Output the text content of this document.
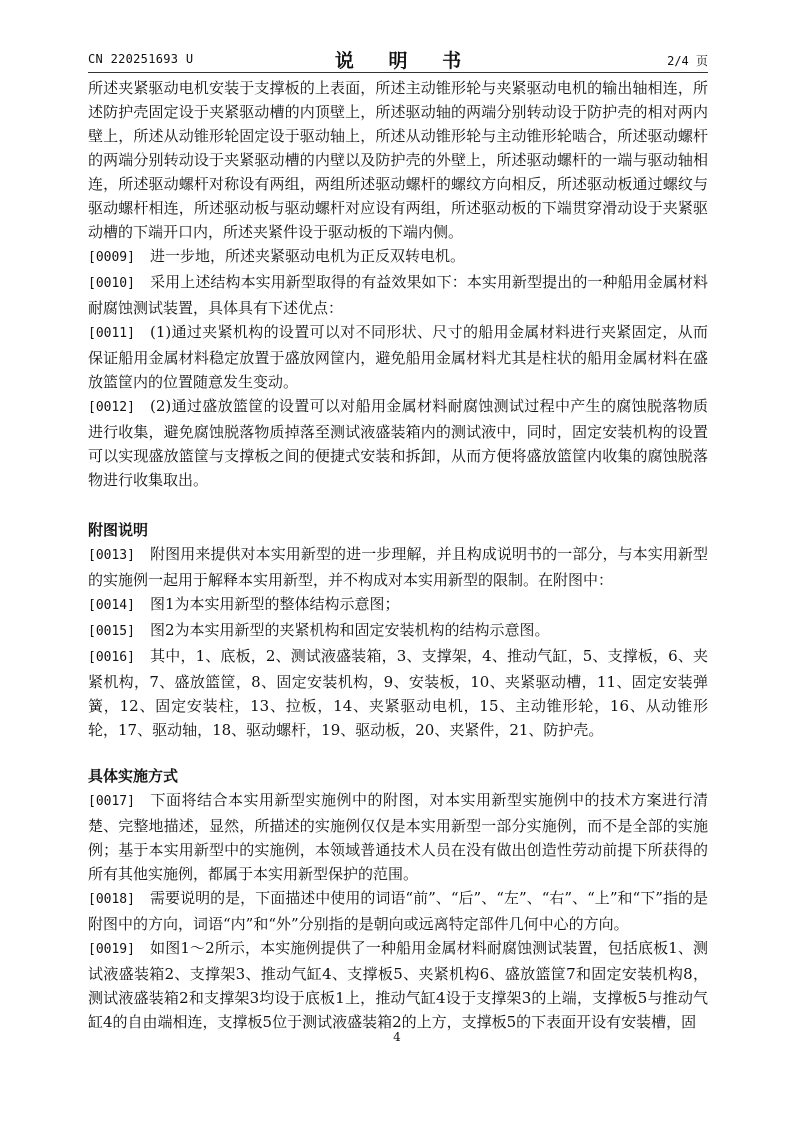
CN 220251693 U	说 明 书	2/4 页

所述夹紧驱动电机安装于支撑板的上表面，所述主动锥形轮与夹紧驱动电机的输出轴相连，所述防护壳固定设于夹紧驱动槽的内顶壁上，所述驱动轴的两端分别转动设于防护壳的相对两内壁上，所述从动锥形轮固定设于驱动轴上，所述从动锥形轮与主动锥形轮啮合，所述驱动螺杆的两端分别转动设于夹紧驱动槽的内壁以及防护壳的外壁上，所述驱动螺杆的一端与驱动轴相连，所述驱动螺杆对称设有两组，两组所述驱动螺杆的螺纹方向相反，所述驱动板通过螺纹与驱动螺杆相连，所述驱动板与驱动螺杆对应设有两组，所述驱动板的下端贯穿滑动设于夹紧驱动槽的下端开口内，所述夹紧件设于驱动板的下端内侧。

[0009] 进一步地，所述夹紧驱动电机为正反双转电机。

[0010] 采用上述结构本实用新型取得的有益效果如下：本实用新型提出的一种船用金属材料耐腐蚀测试装置，具体具有下述优点：

[0011] (1)通过夹紧机构的设置可以对不同形状、尺寸的船用金属材料进行夹紧固定，从而保证船用金属材料稳定放置于盛放网筐内，避免船用金属材料尤其是柱状的船用金属材料在盛放篮筐内的位置随意发生变动。

[0012] (2)通过盛放篮筐的设置可以对船用金属材料耐腐蚀测试过程中产生的腐蚀脱落物质进行收集，避免腐蚀脱落物质掉落至测试液盛装箱内的测试液中，同时，固定安装机构的设置可以实现盛放篮筐与支撑板之间的便捷式安装和拆卸，从而方便将盛放篮筐内收集的腐蚀脱落物进行收集取出。

附图说明

[0013] 附图用来提供对本实用新型的进一步理解，并且构成说明书的一部分，与本实用新型的实施例一起用于解释本实用新型，并不构成对本实用新型的限制。在附图中：

[0014] 图1为本实用新型的整体结构示意图；

[0015] 图2为本实用新型的夹紧机构和固定安装机构的结构示意图。

[0016] 其中，1、底板，2、测试液盛装箱，3、支撑架，4、推动气缸，5、支撑板，6、夹紧机构，7、盛放篮筐，8、固定安装机构，9、安装板，10、夹紧驱动槽，11、固定安装弹簧，12、固定安装柱，13、拉板，14、夹紧驱动电机，15、主动锥形轮，16、从动锥形轮，17、驱动轴，18、驱动螺杆，19、驱动板，20、夹紧件，21、防护壳。

具体实施方式

[0017] 下面将结合本实用新型实施例中的附图，对本实用新型实施例中的技术方案进行清楚、完整地描述，显然，所描述的实施例仅仅是本实用新型一部分实施例，而不是全部的实施例；基于本实用新型中的实施例，本领域普通技术人员在没有做出创造性劳动前提下所获得的所有其他实施例，都属于本实用新型保护的范围。

[0018] 需要说明的是，下面描述中使用的词语“前”、“后”、“左”、“右”、“上”和“下”指的是附图中的方向，词语“内”和“外”分别指的是朝向或远离特定部件几何中心的方向。

[0019] 如图1～2所示，本实施例提供了一种船用金属材料耐腐蚀测试装置，包括底板1、测试液盛装箱2、支撑架3、推动气缸4、支撑板5、夹紧机构6、盛放篮筐7和固定安装机构8，测试液盛装箱2和支撑架3均设于底板1上，推动气缸4设于支撑架3的上端，支撑板5与推动气缸4的自由端相连，支撑板5位于测试液盛装箱2的上方，支撑板5的下表面开设有安装槽，固

4
